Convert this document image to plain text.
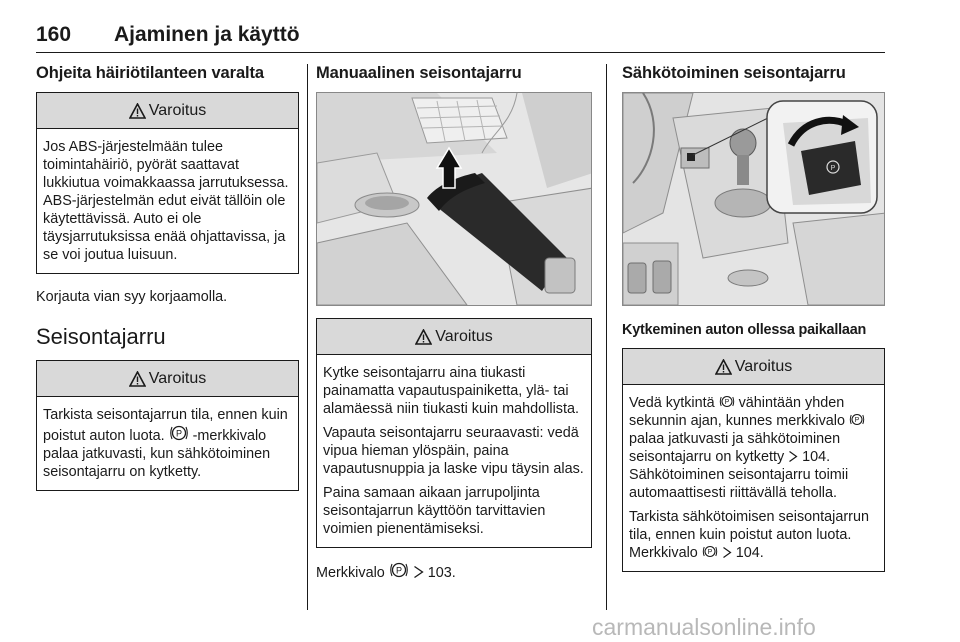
160 Ajaminen ja käyttö
Ohjeita häiriötilanteen varalta
Varoitus
Jos ABS-järjestelmään tulee toimintahäiriö, pyörät saattavat lukkiutua voimakkaassa jarrutuksessa. ABS-järjestelmän edut eivät tällöin ole käytettävissä. Auto ei ole täysjarrutuksissa enää ohjattavissa, ja se voi joutua luisuun.

Korjauta vian syy korjaamolla.

Seisontajarru
Varoitus
Tarkista seisontajarrun tila, ennen kuin poistut auton luota. P -merkkivalo palaa jatkuvasti, kun sähkötoiminen seisontajarru on kytketty.
Manuaalinen seisontajarru
Varoitus

Kytke seisontajarru aina tiukasti painamatta vapautuspainiketta, ylä- tai alamäessä niin tiukasti kuin mahdollista.

Vapauta seisontajarru seuraavasti: vedä vipua hieman ylöspäin, paina vapautusnuppia ja laske vipu täysin alas.

Paina samaan aikaan jarrupoljinta seisontajarrun käyttöön tarvittavien voimien pienentämiseksi.

Merkkivalo P 103.

Sähkötoiminen seisontajarru
P
Kytkeminen auton ollessa paikallaan
Varoitus

Vedä kytkintä P vähintään yhden sekunnin ajan, kunnes merkkivalo P
palaa jatkuvasti ja sähkötoiminen seisontajarru on kytketty 104. Sähkötoiminen seisontajarru toimii automaattisesti riittävällä teholla.

Tarkista sähkötoimisen seisontajarrun tila, ennen kuin poistut auton luota. Merkkivalo P 104.

carmanualsonline.info
